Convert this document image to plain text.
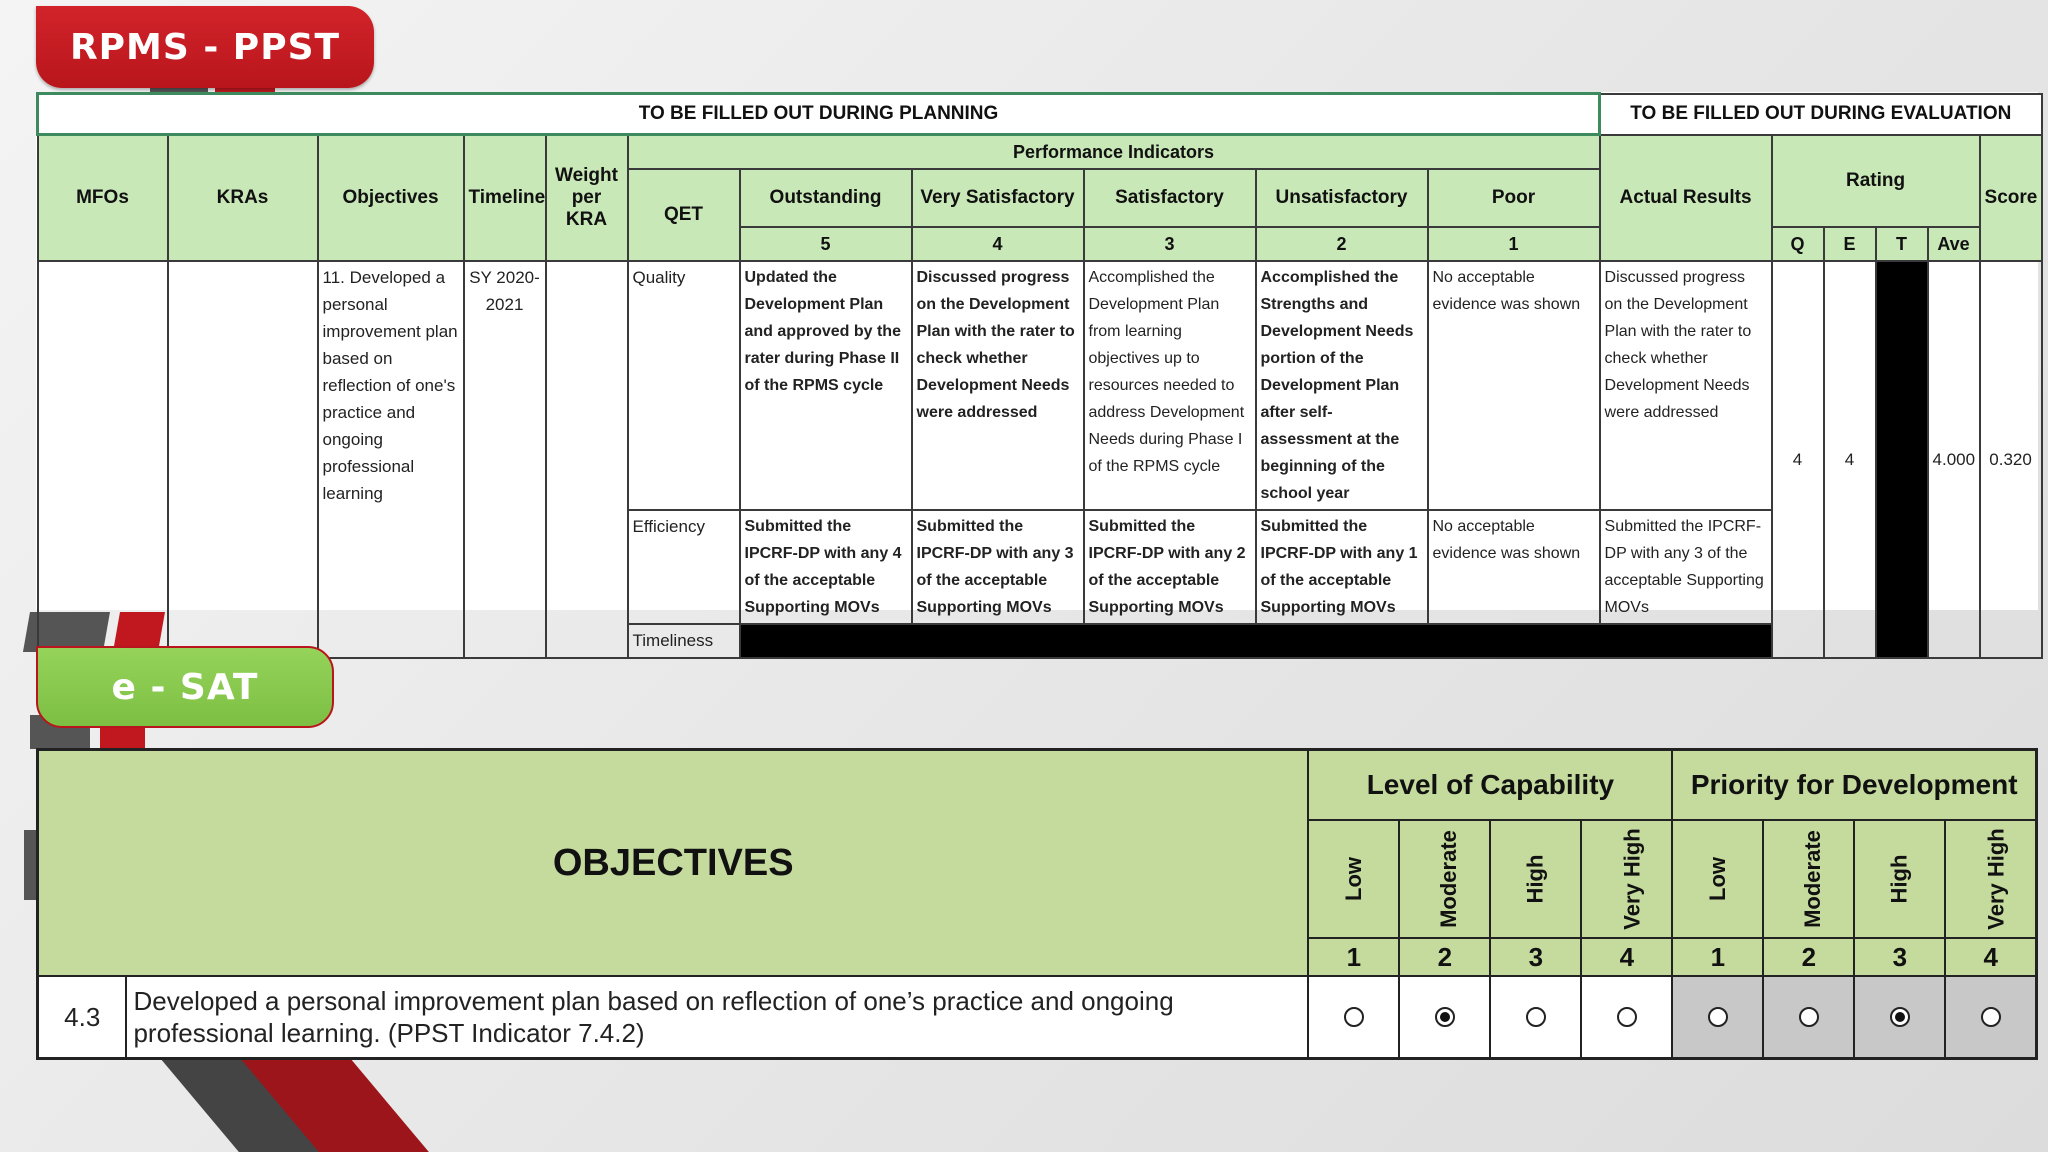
RPMS - PPST
TO BE FILLED OUT DURING PLANNING											TO BE FILLED OUT DURING EVALUATION					
MFOs	KRAs	Objectives	Timeline	Weight per KRA	Performance Indicators						Actual Results	Rating				Score
					QET	Outstanding	Very Satisfactory	Satisfactory	Unsatisfactory	Poor						
						5	4	3	2	1		Q	E	T	Ave	
		11. Developed a personal improvement plan based on reflection of one's practice and ongoing professional learning	SY 2020-2021		Quality	Updated the Development Plan and approved by the rater during Phase II of the RPMS cycle	Discussed progress on the Development Plan with the rater to check whether Development Needs were addressed	Accomplished the Development Plan from learning objectives up to resources needed to address Development Needs during Phase I of the RPMS cycle	Accomplished the Strengths and Development Needs portion of the Development Plan after self-assessment at the beginning of the school year	No acceptable evidence was shown	Discussed progress on the Development Plan with the rater to check whether Development Needs were addressed	4	4		4.000	0.320
					Efficiency	Submitted the IPCRF-DP with any 4 of the acceptable Supporting MOVs	Submitted the IPCRF-DP with any 3 of the acceptable Supporting MOVs	Submitted the IPCRF-DP with any 2 of the acceptable Supporting MOVs	Submitted the IPCRF-DP with any 1 of the acceptable Supporting MOVs	No acceptable evidence was shown	Submitted the IPCRF-DP with any 3 of the acceptable Supporting MOVs					
					Timeliness											
e - SAT
OBJECTIVES		Level of Capability				Priority for Development			
		Low	Moderate	High	Very High	Low	Moderate	High	Very High
		1	2	3	4	1	2	3	4
4.3	Developed a personal improvement plan based on reflection of one’s practice and ongoing professional learning. (PPST Indicator 7.4.2)	
